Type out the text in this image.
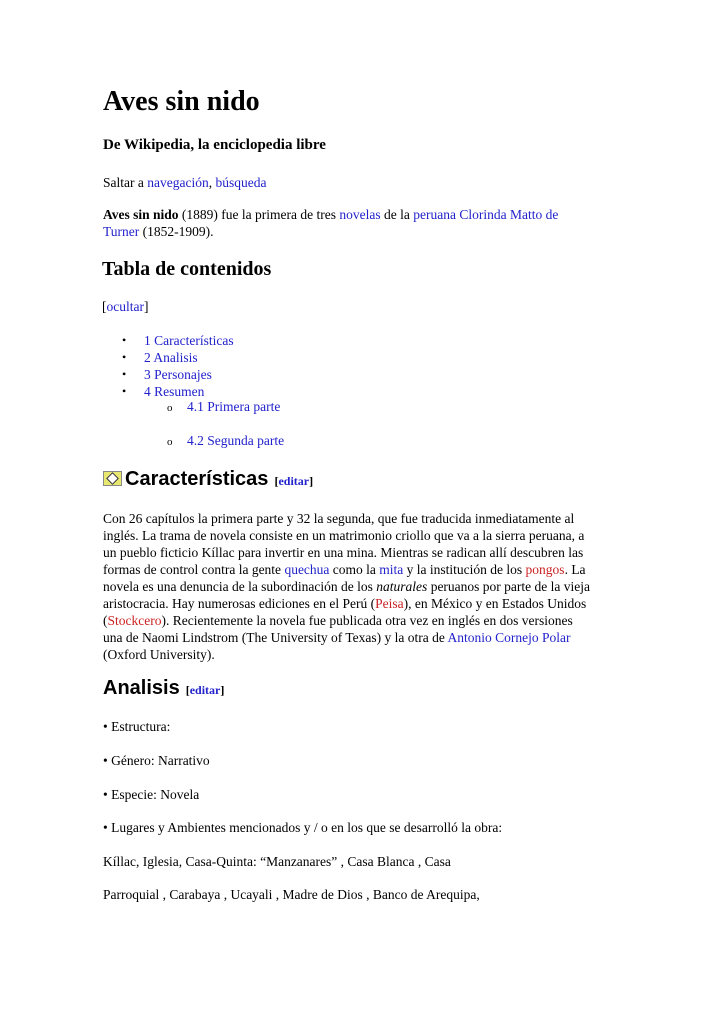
Aves sin nido
De Wikipedia, la enciclopedia libre
Saltar a navegación, búsqueda
Aves sin nido (1889) fue la primera de tres novelas de la peruana Clorinda Matto de
Turner (1852-1909).
Tabla de contenidos
[ocultar]
• 1 Características
• 2 Analisis
• 3 Personajes
• 4 Resumen
o 4.1 Primera parte
o 4.2 Segunda parte
Características [editar]
Con 26 capítulos la primera parte y 32 la segunda, que fue traducida inmediatamente al
inglés. La trama de novela consiste en un matrimonio criollo que va a la sierra peruana, a
un pueblo ficticio Kíllac para invertir en una mina. Mientras se radican allí descubren las
formas de control contra la gente quechua como la mita y la institución de los pongos. La
novela es una denuncia de la subordinación de los naturales peruanos por parte de la vieja
aristocracia. Hay numerosas ediciones en el Perú (Peisa), en México y en Estados Unidos
(Stockcero). Recientemente la novela fue publicada otra vez en inglés en dos versiones
una de Naomi Lindstrom (The University of Texas) y la otra de Antonio Cornejo Polar
(Oxford University).
Analisis [editar]
• Estructura:
• Género: Narrativo
• Especie: Novela
• Lugares y Ambientes mencionados y / o en los que se desarrolló la obra:
Kíllac, Iglesia, Casa-Quinta: “Manzanares” , Casa Blanca , Casa
Parroquial , Carabaya , Ucayali , Madre de Dios , Banco de Arequipa,
